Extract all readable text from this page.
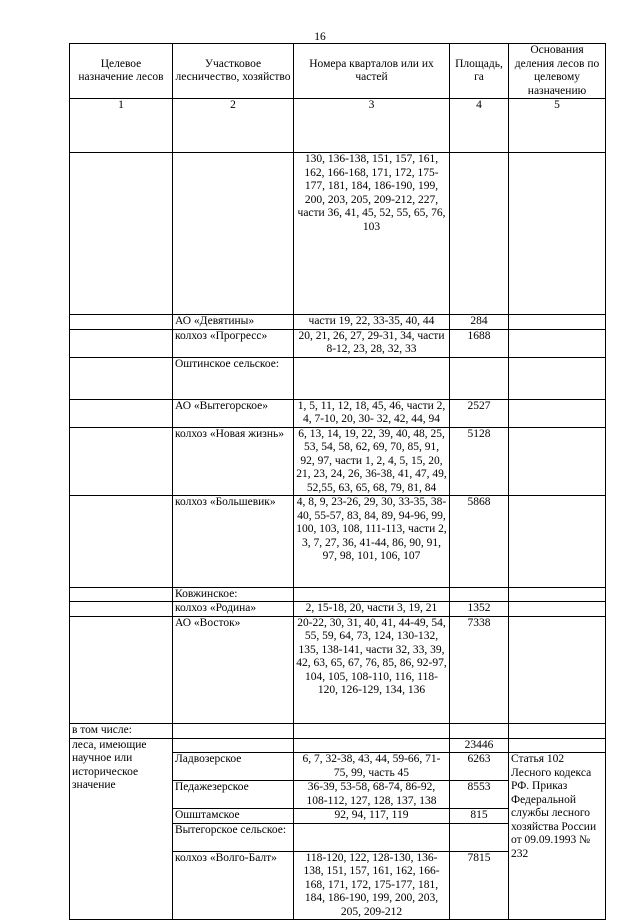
16
Целевое назначение лесов	Участковое лесничество, хозяйство	Номера кварталов или их частей	Площадь, га	Основания деления лесов по целевому назначению
1	2	3	4	5
		130, 136-138, 151, 157, 161, 162, 166-168, 171, 172, 175-177, 181, 184, 186-190, 199, 200, 203, 205, 209-212, 227, части 36, 41, 45, 52, 55, 65, 76, 103		
	АО «Девятины»	части 19, 22, 33-35, 40, 44	284	
	колхоз «Прогресс»	20, 21, 26, 27, 29-31, 34, части 8-12, 23, 28, 32, 33	1688	
	Оштинское сельское:			
	АО «Вытегорское»	1, 5, 11, 12, 18, 45, 46, части 2, 4, 7-10, 20, 30- 32, 42, 44, 94	2527	
	колхоз «Новая жизнь»	6, 13, 14, 19, 22, 39, 40, 48, 25, 53, 54, 58, 62, 69, 70, 85, 91, 92, 97, части 1, 2, 4, 5, 15, 20, 21, 23, 24, 26, 36-38, 41, 47, 49, 52,55, 63, 65, 68, 79, 81, 84	5128	
	колхоз «Большевик»	4, 8, 9, 23-26, 29, 30, 33-35, 38-40, 55-57, 83, 84, 89, 94-96, 99, 100, 103, 108, 111-113, части 2, 3, 7, 27, 36, 41-44, 86, 90, 91, 97, 98, 101, 106, 107	5868	
	Ковжинское:			
	колхоз «Родина»	2, 15-18, 20, части 3, 19, 21	1352	
	АО «Восток»	20-22, 30, 31, 40, 41, 44-49, 54, 55, 59, 64, 73, 124, 130-132, 135, 138-141, части 32, 33, 39, 42, 63, 65, 67, 76, 85, 86, 92-97, 104, 105, 108-110, 116, 118-120, 126-129, 134, 136	7338	
в том числе:				
леса, имеющие научное или историческое значение			23446	
	Ладвозерское	6, 7, 32-38, 43, 44, 59-66, 71-75, 99, часть 45	6263	Статья 102 Лесного кодекса РФ. Приказ Федеральной службы лесного хозяйства России от 09.09.1993 № 232
	Педажезерское	36-39, 53-58, 68-74, 86-92, 108-112, 127, 128, 137, 138	8553	
	Ошштамское	92, 94, 117, 119	815	
	Вытегорское сельское:			
	колхоз «Волго-Балт»	118-120, 122, 128-130, 136-138, 151, 157, 161, 162, 166-168, 171, 172, 175-177, 181, 184, 186-190, 199, 200, 203, 205, 209-212	7815	
